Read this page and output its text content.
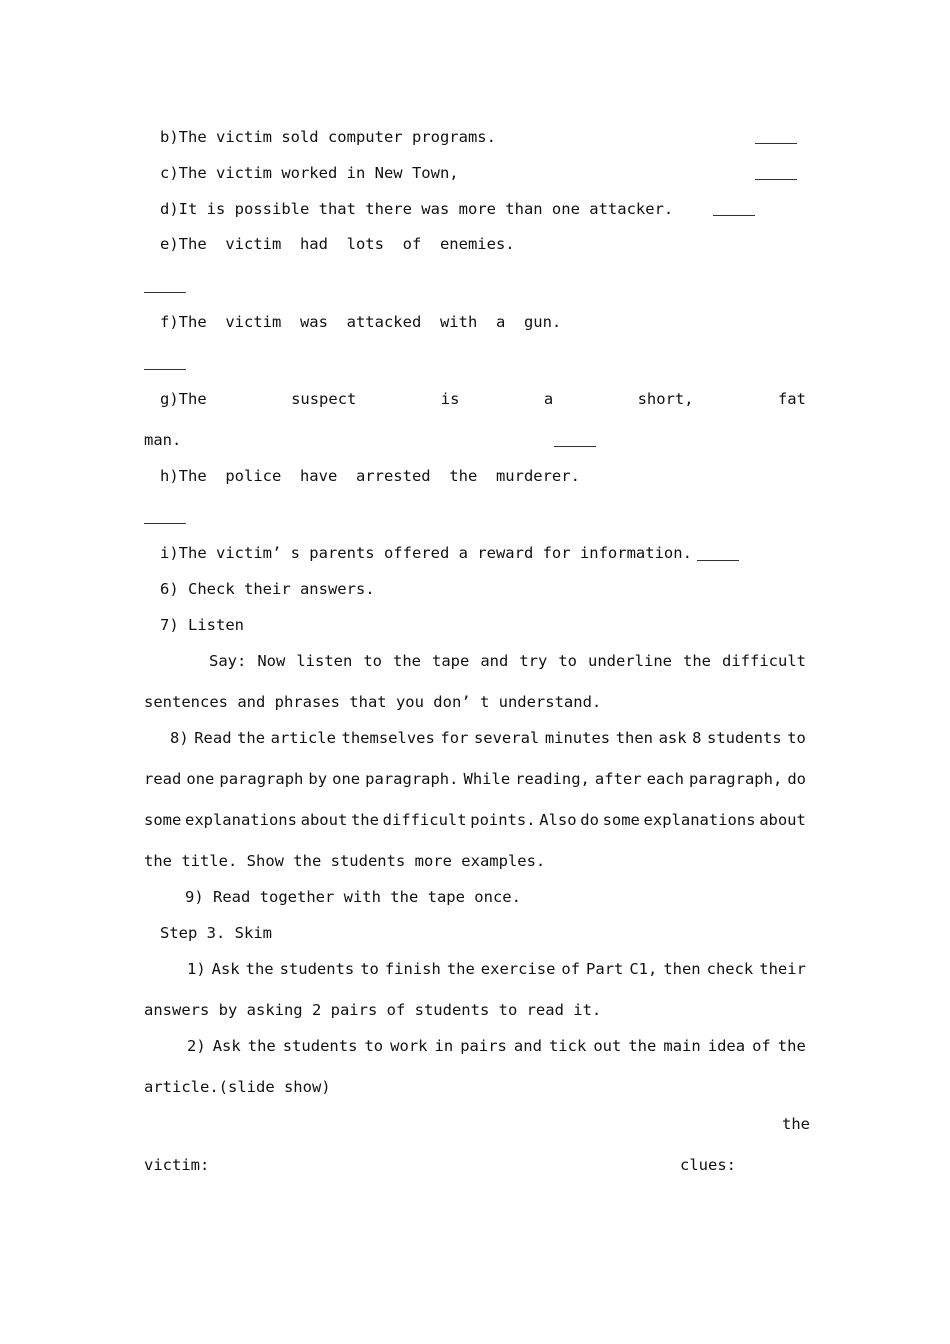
b)The victim sold computer programs.
c)The victim worked in New Town,
d)It is possible that there was more than one attacker.
e)The  victim  had  lots  of  enemies.
f)The  victim  was  attacked  with  a  gun.
g)The	suspect	is	a	short,	fat
man.
h)The  police  have  arrested  the  murderer.
i)The victim’ s parents offered a reward for information.
6) Check their answers.
7) Listen
Say: Now listen to the tape and try to underline the difficult
sentences and phrases that you don’ t understand.
8) Read the article themselves for several minutes then ask 8 students to
read one paragraph by one paragraph. While reading, after each paragraph, do
some explanations about the difficult points. Also do some explanations about
the title. Show the students more examples.
9) Read together with the tape once.
Step 3. Skim
1) Ask the students to finish the exercise of Part C1, then check their
answers by asking 2 pairs of students to read it.
2) Ask the students to work in pairs and tick out the main idea of the
article.(slide show)
the
victim:	clues:
